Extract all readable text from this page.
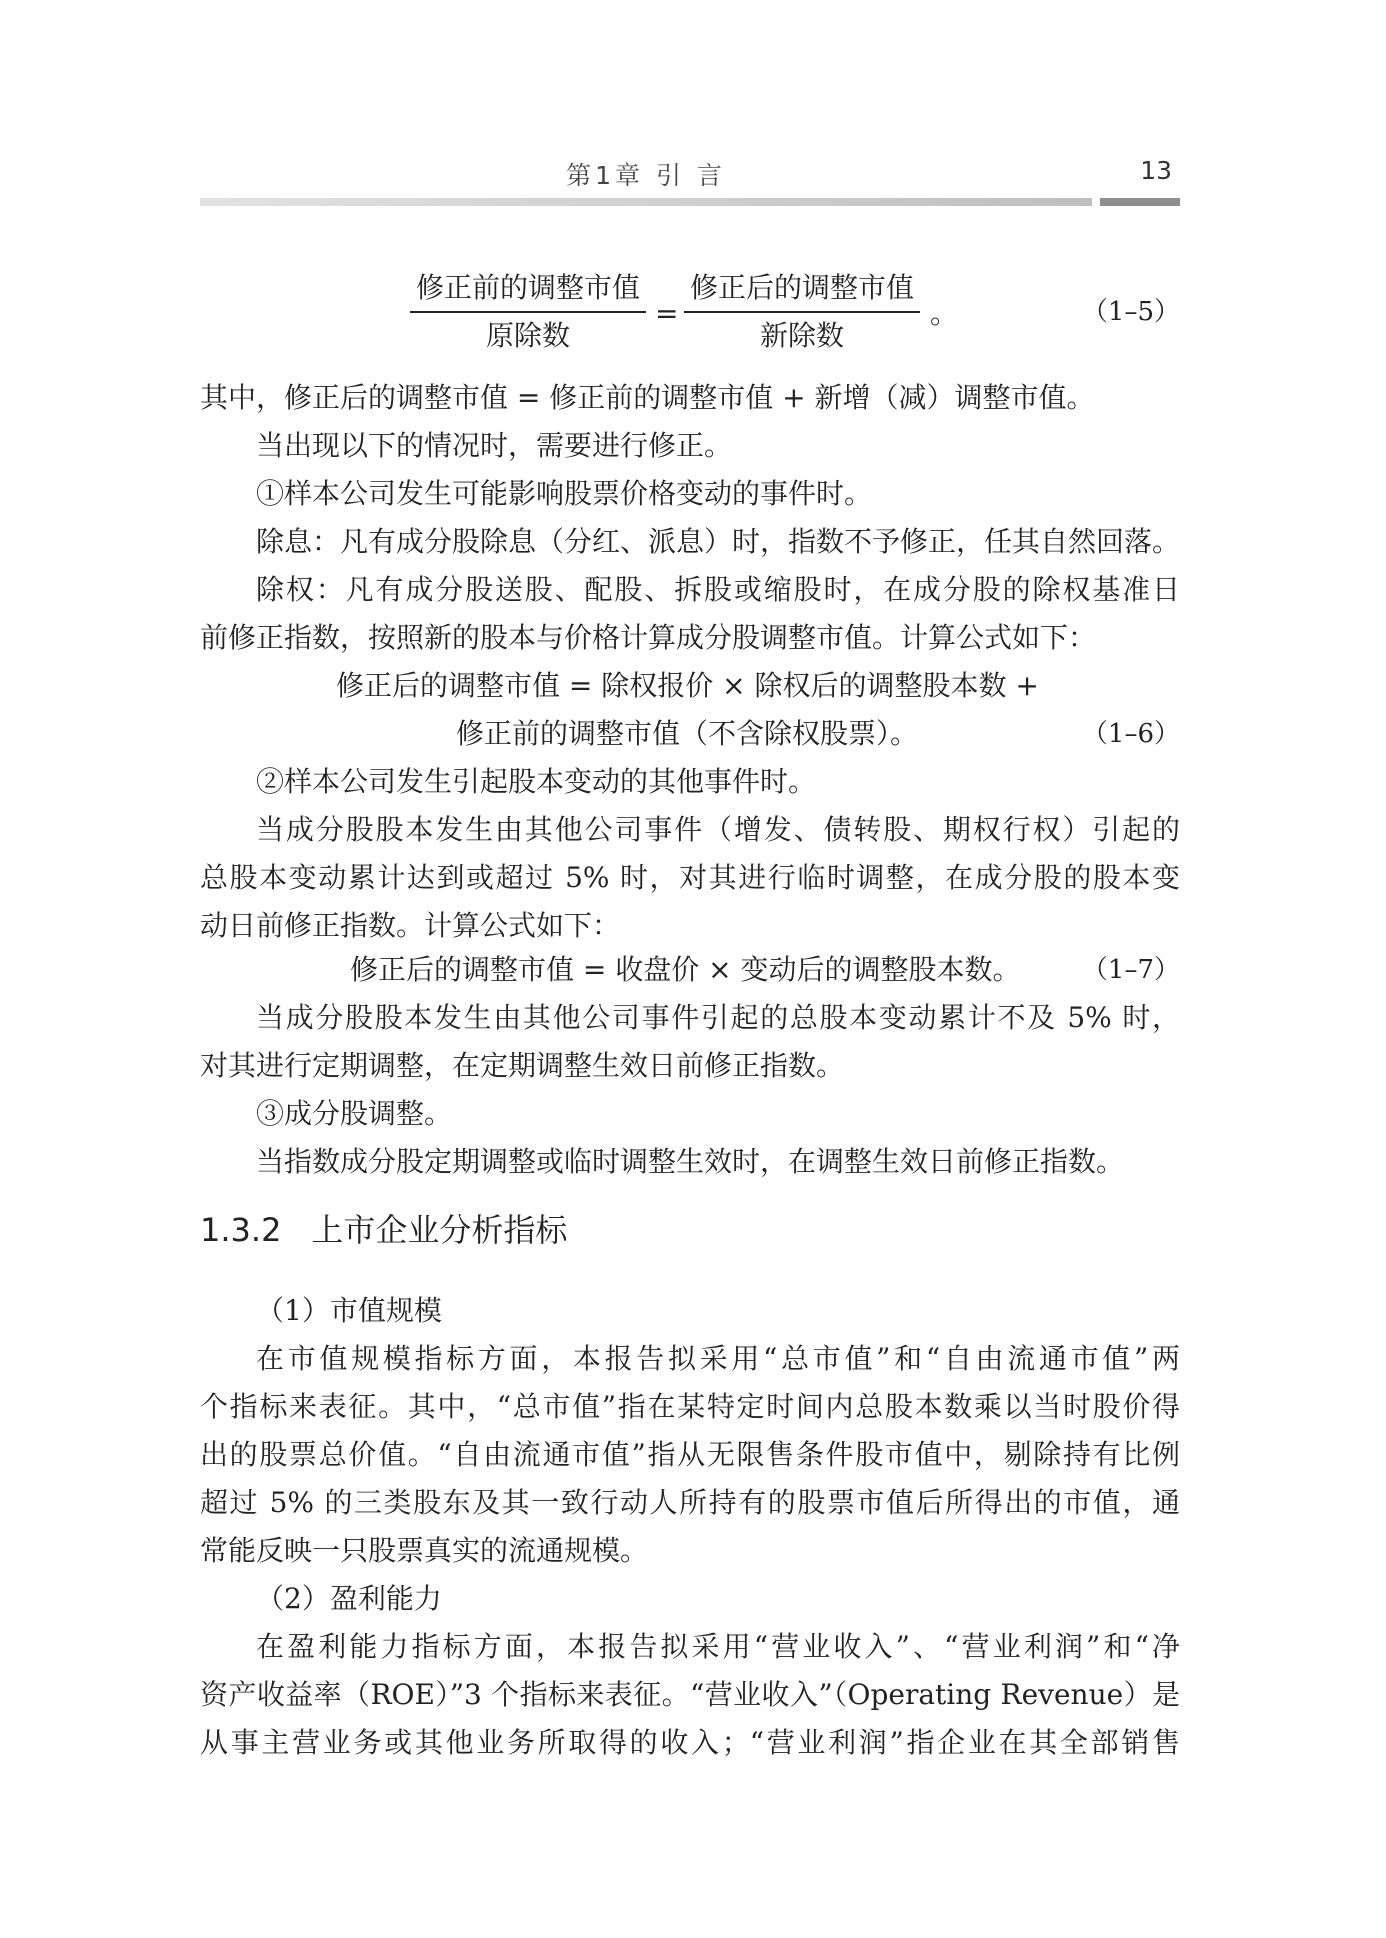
第1章 引 言	13
修正前的调整市值
原除数
=
修正后的调整市值
新除数
。	（1–5）
其中，修正后的调整市值 = 修正前的调整市值 + 新增（减）调整市值。
当出现以下的情况时，需要进行修正。
①样本公司发生可能影响股票价格变动的事件时。
除息：凡有成分股除息（分红、派息）时，指数不予修正，任其自然回落。
除权：凡有成分股送股、配股、拆股或缩股时，在成分股的除权基准日
前修正指数，按照新的股本与价格计算成分股调整市值。计算公式如下：
修正后的调整市值 = 除权报价 × 除权后的调整股本数 +
修正前的调整市值（不含除权股票）。	（1–6）
②样本公司发生引起股本变动的其他事件时。
当成分股股本发生由其他公司事件（增发、债转股、期权行权）引起的
总股本变动累计达到或超过 5% 时，对其进行临时调整，在成分股的股本变
动日前修正指数。计算公式如下：
修正后的调整市值 = 收盘价 × 变动后的调整股本数。 （1–7）
当成分股股本发生由其他公司事件引起的总股本变动累计不及 5% 时，
对其进行定期调整，在定期调整生效日前修正指数。
③成分股调整。
当指数成分股定期调整或临时调整生效时，在调整生效日前修正指数。
1.3.2 上市企业分析指标
（1）市值规模
在市值规模指标方面，本报告拟采用“总市值”和“自由流通市值”两
个指标来表征。其中，“总市值”指在某特定时间内总股本数乘以当时股价得
出的股票总价值。“自由流通市值”指从无限售条件股市值中，剔除持有比例
超过 5% 的三类股东及其一致行动人所持有的股票市值后所得出的市值，通
常能反映一只股票真实的流通规模。
（2）盈利能力
在盈利能力指标方面，本报告拟采用“营业收入”、“营业利润”和“净
资产收益率（ROE）”3 个指标来表征。“营业收入”（Operating Revenue）是
从事主营业务或其他业务所取得的收入；“营业利润”指企业在其全部销售
